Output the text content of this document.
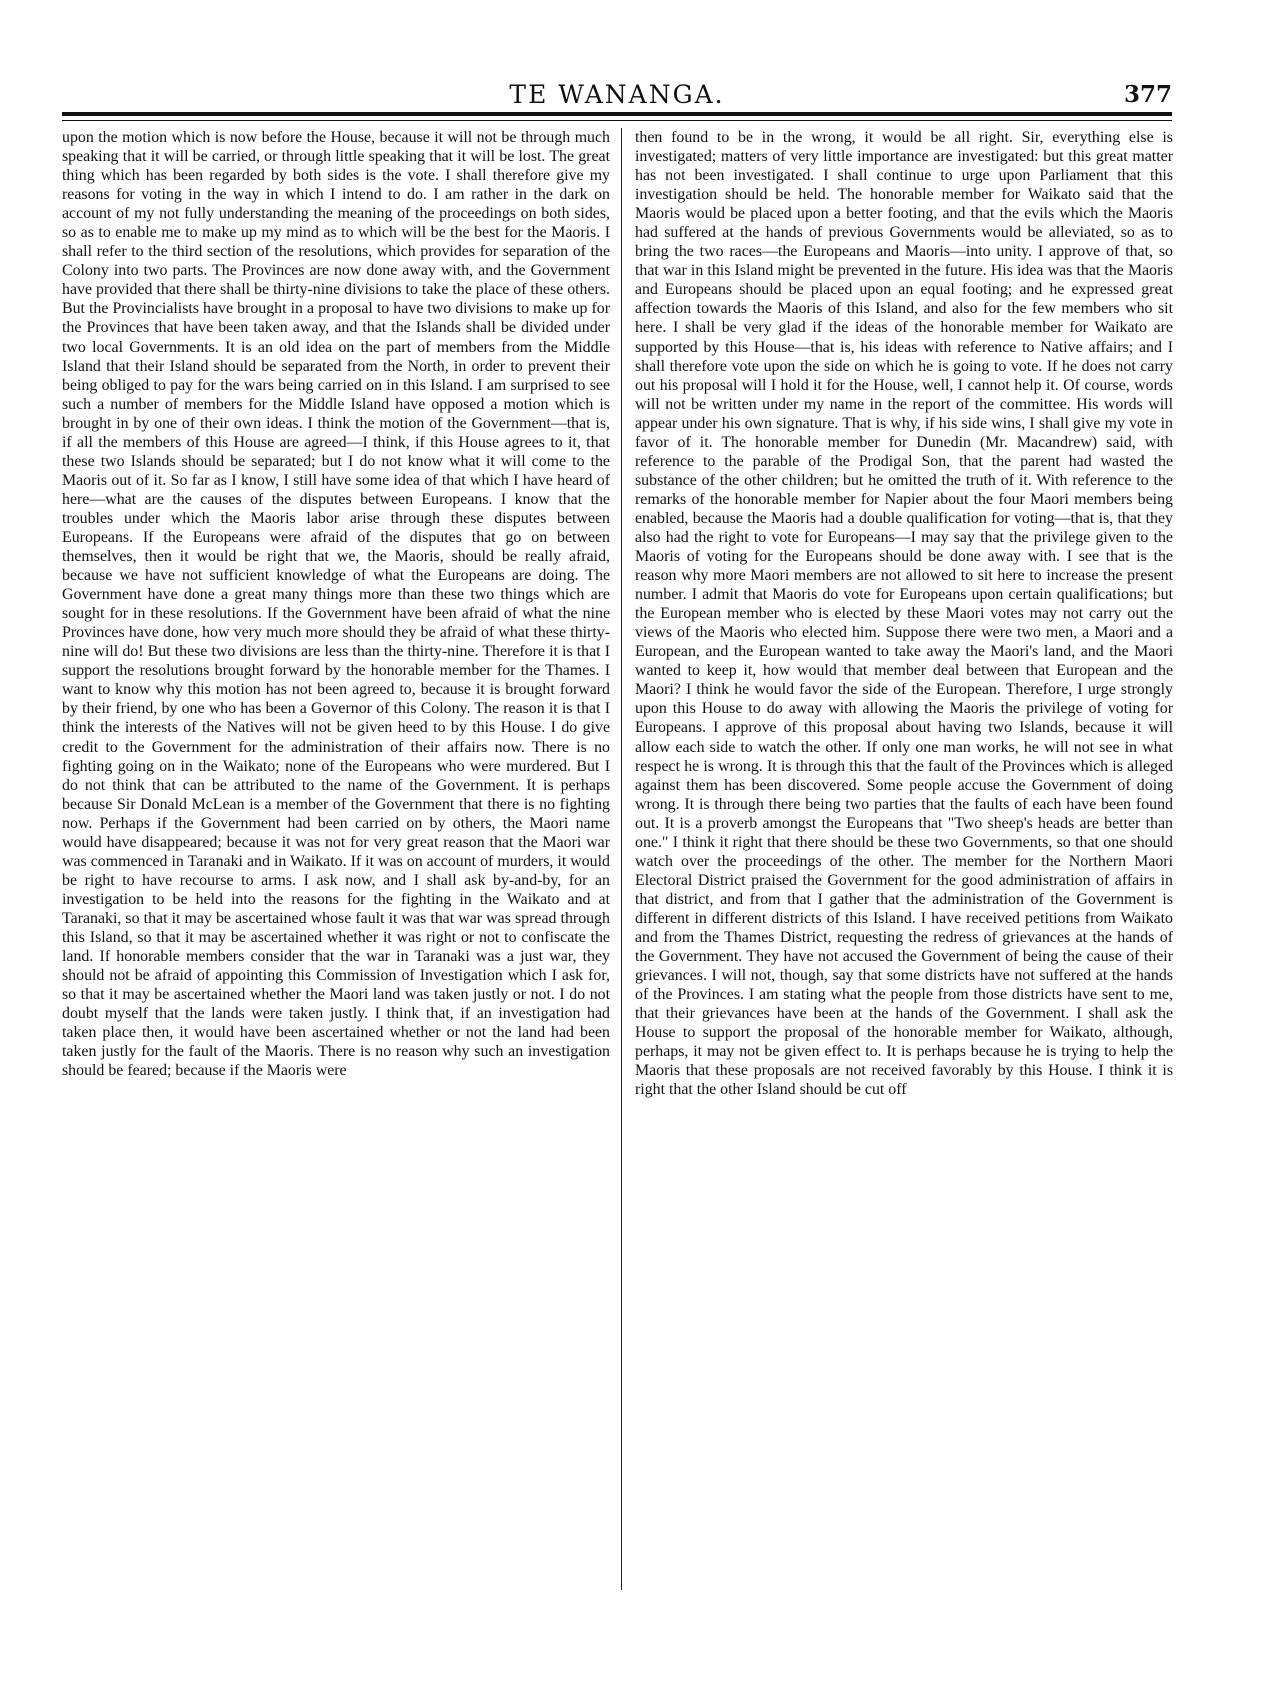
TE WANANGA.	377

upon the motion which is now before the House, because it will not be through much speaking that it will be carried, or through little speaking that it will be lost. The great thing which has been regarded by both sides is the vote. I shall therefore give my reasons for voting in the way in which I intend to do. I am rather in the dark on account of my not fully understanding the meaning of the proceedings on both sides, so as to enable me to make up my mind as to which will be the best for the Maoris. I shall refer to the third section of the resolutions, which provides for separation of the Colony into two parts. The Provinces are now done away with, and the Government have provided that there shall be thirty-nine divisions to take the place of these others. But the Provincialists have brought in a proposal to have two divisions to make up for the Provinces that have been taken away, and that the Islands shall be divided under two local Governments. It is an old idea on the part of members from the Middle Island that their Island should be separated from the North, in order to prevent their being obliged to pay for the wars being carried on in this Island. I am surprised to see such a number of members for the Middle Island have opposed a motion which is brought in by one of their own ideas. I think the motion of the Government—that is, if all the members of this House are agreed—I think, if this House agrees to it, that these two Islands should be separated; but I do not know what it will come to the Maoris out of it. So far as I know, I still have some idea of that which I have heard of here—what are the causes of the disputes between Europeans. I know that the troubles under which the Maoris labor arise through these disputes between Europeans. If the Europeans were afraid of the disputes that go on between themselves, then it would be right that we, the Maoris, should be really afraid, because we have not sufficient knowledge of what the Europeans are doing. The Government have done a great many things more than these two things which are sought for in these resolutions. If the Government have been afraid of what the nine Provinces have done, how very much more should they be afraid of what these thirty-nine will do! But these two divisions are less than the thirty-nine. Therefore it is that I support the resolutions brought forward by the honorable member for the Thames. I want to know why this motion has not been agreed to, because it is brought forward by their friend, by one who has been a Governor of this Colony. The reason it is that I think the interests of the Natives will not be given heed to by this House. I do give credit to the Government for the administration of their affairs now. There is no fighting going on in the Waikato; none of the Europeans who were murdered. But I do not think that can be attributed to the name of the Government. It is perhaps because Sir Donald McLean is a member of the Government that there is no fighting now. Perhaps if the Government had been carried on by others, the Maori name would have disappeared; because it was not for very great reason that the Maori war was commenced in Taranaki and in Waikato. If it was on account of murders, it would be right to have recourse to arms. I ask now, and I shall ask by-and-by, for an investigation to be held into the reasons for the fighting in the Waikato and at Taranaki, so that it may be ascertained whose fault it was that war was spread through this Island, so that it may be ascertained whether it was right or not to confiscate the land. If honorable members consider that the war in Taranaki was a just war, they should not be afraid of appointing this Commission of Investigation which I ask for, so that it may be ascertained whether the Maori land was taken justly or not. I do not doubt myself that the lands were taken justly. I think that, if an investigation had taken place then, it would have been ascertained whether or not the land had been taken justly for the fault of the Maoris. There is no reason why such an investigation should be feared; because if the Maoris were

then found to be in the wrong, it would be all right. Sir, everything else is investigated; matters of very little importance are investigated: but this great matter has not been investigated. I shall continue to urge upon Parliament that this investigation should be held. The honorable member for Waikato said that the Maoris would be placed upon a better footing, and that the evils which the Maoris had suffered at the hands of previous Governments would be alleviated, so as to bring the two races—the Europeans and Maoris—into unity. I approve of that, so that war in this Island might be prevented in the future. His idea was that the Maoris and Europeans should be placed upon an equal footing; and he expressed great affection towards the Maoris of this Island, and also for the few members who sit here. I shall be very glad if the ideas of the honorable member for Waikato are supported by this House—that is, his ideas with reference to Native affairs; and I shall therefore vote upon the side on which he is going to vote. If he does not carry out his proposal will I hold it for the House, well, I cannot help it. Of course, words will not be written under my name in the report of the committee. His words will appear under his own signature. That is why, if his side wins, I shall give my vote in favor of it. The honorable member for Dunedin (Mr. Macandrew) said, with reference to the parable of the Prodigal Son, that the parent had wasted the substance of the other children; but he omitted the truth of it. With reference to the remarks of the honorable member for Napier about the four Maori members being enabled, because the Maoris had a double qualification for voting—that is, that they also had the right to vote for Europeans—I may say that the privilege given to the Maoris of voting for the Europeans should be done away with. I see that is the reason why more Maori members are not allowed to sit here to increase the present number. I admit that Maoris do vote for Europeans upon certain qualifications; but the European member who is elected by these Maori votes may not carry out the views of the Maoris who elected him. Suppose there were two men, a Maori and a European, and the European wanted to take away the Maori's land, and the Maori wanted to keep it, how would that member deal between that European and the Maori? I think he would favor the side of the European. Therefore, I urge strongly upon this House to do away with allowing the Maoris the privilege of voting for Europeans. I approve of this proposal about having two Islands, because it will allow each side to watch the other. If only one man works, he will not see in what respect he is wrong. It is through this that the fault of the Provinces which is alleged against them has been discovered. Some people accuse the Government of doing wrong. It is through there being two parties that the faults of each have been found out. It is a proverb amongst the Europeans that "Two sheep's heads are better than one." I think it right that there should be these two Governments, so that one should watch over the proceedings of the other. The member for the Northern Maori Electoral District praised the Government for the good administration of affairs in that district, and from that I gather that the administration of the Government is different in different districts of this Island. I have received petitions from Waikato and from the Thames District, requesting the redress of grievances at the hands of the Government. They have not accused the Government of being the cause of their grievances. I will not, though, say that some districts have not suffered at the hands of the Provinces. I am stating what the people from those districts have sent to me, that their grievances have been at the hands of the Government. I shall ask the House to support the proposal of the honorable member for Waikato, although, perhaps, it may not be given effect to. It is perhaps because he is trying to help the Maoris that these proposals are not received favorably by this House. I think it is right that the other Island should be cut off
